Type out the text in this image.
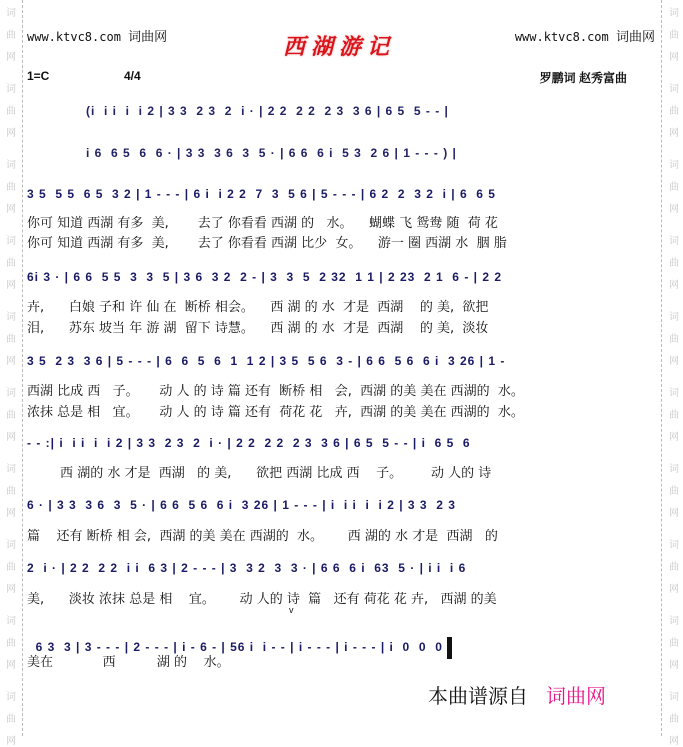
词
曲
网
词
曲
网
词
曲
网
词
曲
网
词
曲
网
词
曲
网
词
曲
网
词
曲
网
词
曲
网
词
曲
网
词
曲
网
词
曲
网
词
曲
网
词
曲
网
词
曲
网
词
曲
网
词
曲
网
词
曲
网
词
曲
网
词
曲
网
www.ktvc8.com 词曲网	www.ktvc8.com 词曲网
西湖游记
1=C	4/4	罗鹏词 赵秀富曲
(i  i i  i  i 2 | 3 3  2 3  2  i · | 2 2  2 2  2 3  3 6 | 6 5  5 - - |
i 6  6 5  6  6 · | 3 3  3 6  3  5 · | 6 6  6 i  5 3  2 6 | 1 - - - ) |
3 5  5 5  6 5  3 2 | 1 - - - | 6 i  i 2 2  7  3  5 6 | 5 - - - | 6 2  2  3 2  i | 6  6 5
你可 知道 西湖 有多  美,       去了 你看看 西湖 的   水。    蝴蝶 飞 鸳鸯 随  荷 花
你可 知道 西湖 有多  美,       去了 你看看 西湖 比少  女。    游一 圈 西湖 水  胭 脂
6i 3 · | 6 6  5 5  3  3  5 | 3 6  3 2  2 - | 3  3  5  2 32  1 1 | 2 23  2 1  6 - | 2 2
卉,      白娘 子和 许 仙 在  断桥 相会。    西 湖 的 水  才是  西湖    的 美,  欲把
泪,      苏东 坡当 年 游 湖  留下 诗慧。    西 湖 的 水  才是  西湖    的 美,  淡妆
3 5  2 3  3 6 | 5 - - - | 6  6  5  6  1  1 2 | 3 5  5 6  3 - | 6 6  5 6  6 i  3 26 | 1 -
西湖 比成 西   子。     动 人 的 诗 篇 还有  断桥 相   会,  西湖 的美 美在 西湖的  水。
浓抹 总是 相   宜。     动 人 的 诗 篇 还有  荷花 花   卉,  西湖 的美 美在 西湖的  水。
- - :| i  i i  i  i 2 | 3 3  2 3  2  i · | 2 2  2 2  2 3  3 6 | 6 5  5 - - | i  6 5  6
西 湖的 水 才是  西湖   的 美,      欲把 西湖 比成 西    子。       动 人的 诗
6 · | 3 3  3 6  3  5 · | 6 6  5 6  6 i  3 26 | 1 - - - | i  i i  i  i 2 | 3 3  2 3
篇    还有 断桥 相 会,  西湖 的美 美在 西湖的  水。      西 湖的 水 才是  西湖   的
2  i · | 2 2  2 2  i i  6 3 | 2 - - - | 3  3 2  3  3 · | 6 6  6 i  63  5 · | i i  i 6
美,      淡妆 浓抹 总是 相    宜。      动 人的 诗  篇   还有 荷花 花 卉,   西湖 的美
v

6 3  3 | 3 - - - | 2 - - - | i - 6 - | 56 i  i - - | i - - - | i - - - | i  0  0  0

美在            西          湖 的    水。
本曲谱源自 词曲网
